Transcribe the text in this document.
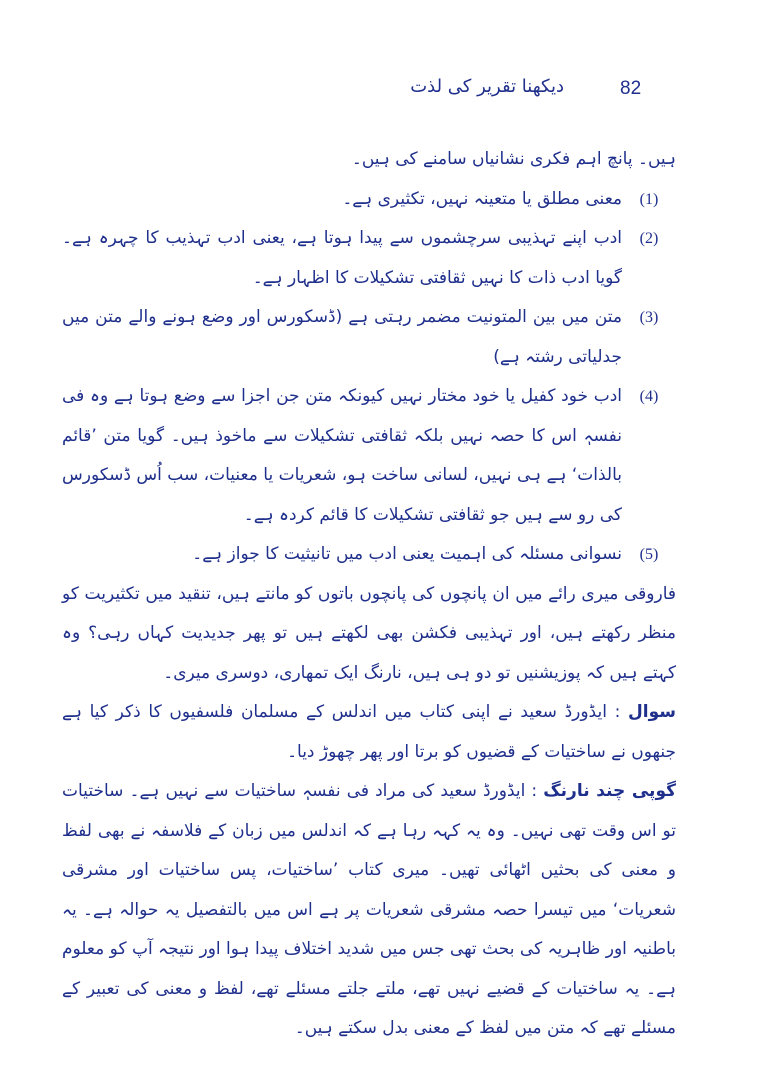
82
دیکھنا تقریر کی لذت

ہیں۔ پانچ اہم فکری نشانیاں سامنے کی ہیں۔

(1)
معنی مطلق یا متعینہ نہیں، تکثیری ہے۔
(2)
ادب اپنے تہذیبی سرچشموں سے پیدا ہوتا ہے، یعنی ادب تہذیب کا چہرہ ہے۔ گویا ادب ذات کا نہیں ثقافتی تشکیلات کا اظہار ہے۔
(3)
متن میں بین المتونیت مضمر رہتی ہے (ڈسکورس اور وضع ہونے والے متن میں جدلیاتی رشتہ ہے)
(4)
ادب خود کفیل یا خود مختار نہیں کیونکہ متن جن اجزا سے وضع ہوتا ہے وہ فی نفسہٖ اس کا حصہ نہیں بلکہ ثقافتی تشکیلات سے ماخوذ ہیں۔ گویا متن ’قائم بالذات‘ ہے ہی نہیں، لسانی ساخت ہو، شعریات یا معنیات، سب اُس ڈسکورس کی رو سے ہیں جو ثقافتی تشکیلات کا قائم کردہ ہے۔
(5)
نسوانی مسئلہ کی اہمیت یعنی ادب میں تانیثیت کا جواز ہے۔

فاروقی میری رائے میں ان پانچوں کی پانچوں باتوں کو مانتے ہیں، تنقید میں تکثیریت کو منظر رکھتے ہیں، اور تہذیبی فکشن بھی لکھتے ہیں تو پھر جدیدیت کہاں رہی؟ وہ کہتے ہیں کہ پوزیشنیں تو دو ہی ہیں، نارنگ ایک تمھاری، دوسری میری۔

سوال : ایڈورڈ سعید نے اپنی کتاب میں اندلس کے مسلمان فلسفیوں کا ذکر کیا ہے جنھوں نے ساختیات کے قضیوں کو برتا اور پھر چھوڑ دیا۔

گوپی چند نارنگ : ایڈورڈ سعید کی مراد فی نفسہٖ ساختیات سے نہیں ہے۔ ساختیات تو اس وقت تھی نہیں۔ وہ یہ کہہ رہا ہے کہ اندلس میں زبان کے فلاسفہ نے بھی لفظ و معنی کی بحثیں اٹھائی تھیں۔ میری کتاب ’ساختیات، پس ساختیات اور مشرقی شعریات‘ میں تیسرا حصہ مشرقی شعریات پر ہے اس میں بالتفصیل یہ حوالہ ہے۔ یہ باطنیہ اور ظاہریہ کی بحث تھی جس میں شدید اختلاف پیدا ہوا اور نتیجہ آپ کو معلوم ہے۔ یہ ساختیات کے قضیے نہیں تھے، ملتے جلتے مسئلے تھے، لفظ و معنی کی تعبیر کے مسئلے تھے کہ متن میں لفظ کے معنی بدل سکتے ہیں۔
